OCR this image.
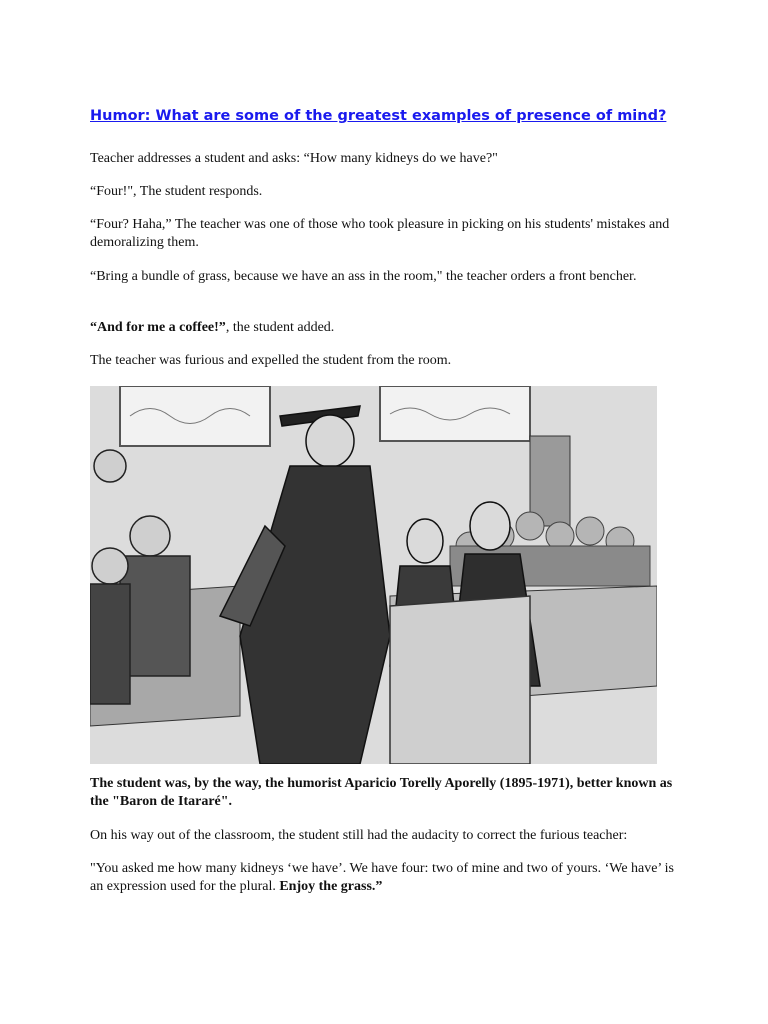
Humor: What are some of the greatest examples of presence of mind?

Teacher addresses a student and asks: “How many kidneys do we have?"

“Four!", The student responds.

“Four? Haha,” The teacher was one of those who took pleasure in picking on his students' mistakes and demoralizing them.

“Bring a bundle of grass, because we have an ass in the room," the teacher orders a front bencher.

“And for me a coffee!”, the student added.

The teacher was furious and expelled the student from the room.

The student was, by the way, the humorist Aparicio Torelly Aporelly (1895-1971), better known as the "Baron de Itararé".

On his way out of the classroom, the student still had the audacity to correct the furious teacher:

"You asked me how many kidneys ‘we have’. We have four: two of mine and two of yours. ‘We have’ is an expression used for the plural. Enjoy the grass.”
